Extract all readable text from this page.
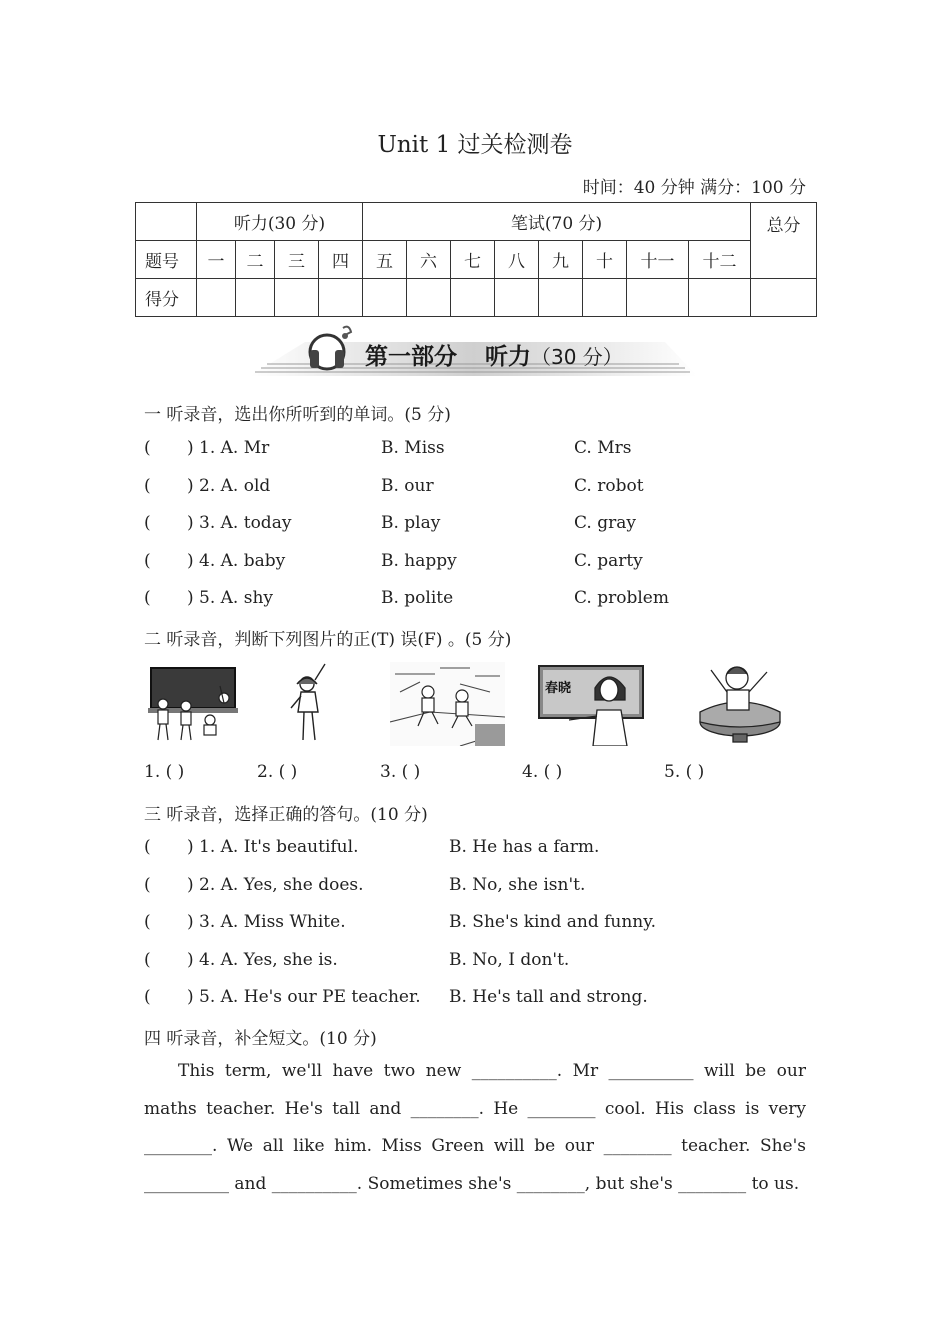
Unit 1 过关检测卷
时间：40 分钟 满分：100 分
	听力(30 分)				笔试(70 分)								总分
题号	一	二	三	四	五	六	七	八	九	十	十一	十二	
得分													
第一部分 听力（30 分）
一 听录音，选出你所听到的单词。(5 分)
( ) 1. A. Mr	B. Miss	C. Mrs
( ) 2. A. old	B. our	C. robot
( ) 3. A. today	B. play	C. gray
( ) 4. A. baby	B. happy	C. party
( ) 5. A. shy	B. polite	C. problem
二 听录音，判断下列图片的正(T) 误(F) 。(5 分)
春晓
1. ( )	2. ( )	3. ( )	4. ( )	5. ( )
三 听录音，选择正确的答句。(10 分)
( ) 1. A. It's beautiful.	B. He has a farm.
( ) 2. A. Yes, she does.	B. No, she isn't.
( ) 3. A. Miss White.	B. She's kind and funny.
( ) 4. A. Yes, she is.	B. No, I don't.
( ) 5. A. He's our PE teacher. B. He's tall and strong.
四 听录音，补全短文。(10 分)

This term, we'll have two new __________. Mr __________ will be our maths teacher. He's tall and ________. He ________ cool. His class is very ________. We all like him. Miss Green will be our ________ teacher. She's __________ and __________. Sometimes she's ________, but she's ________ to us.
